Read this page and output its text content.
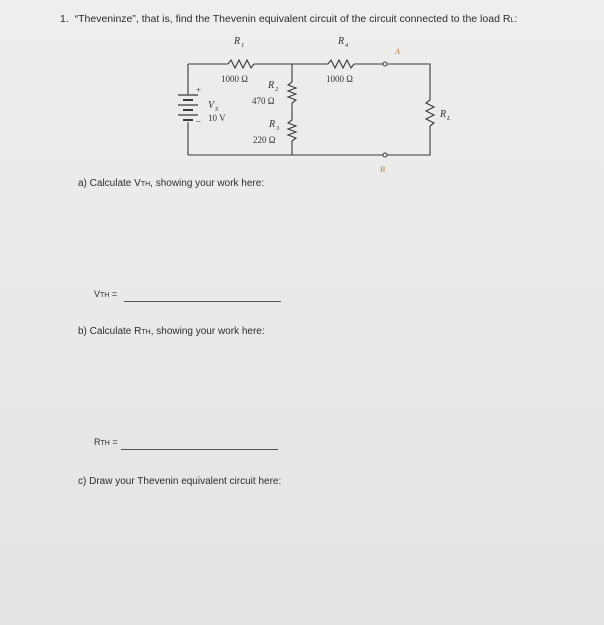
1. “Theveninze”, that is, find the Thevenin equivalent circuit of the circuit connected to the load RL:
R 1
1000 Ω
R 4
1000 Ω
R 2
470 Ω
R 3
220 Ω
R L
+
–
V S
10 V
A
B
a) Calculate VTH, showing your work here:
VTH =
b) Calculate RTH, showing your work here:
RTH =
c) Draw your Thevenin equivalent circuit here:
